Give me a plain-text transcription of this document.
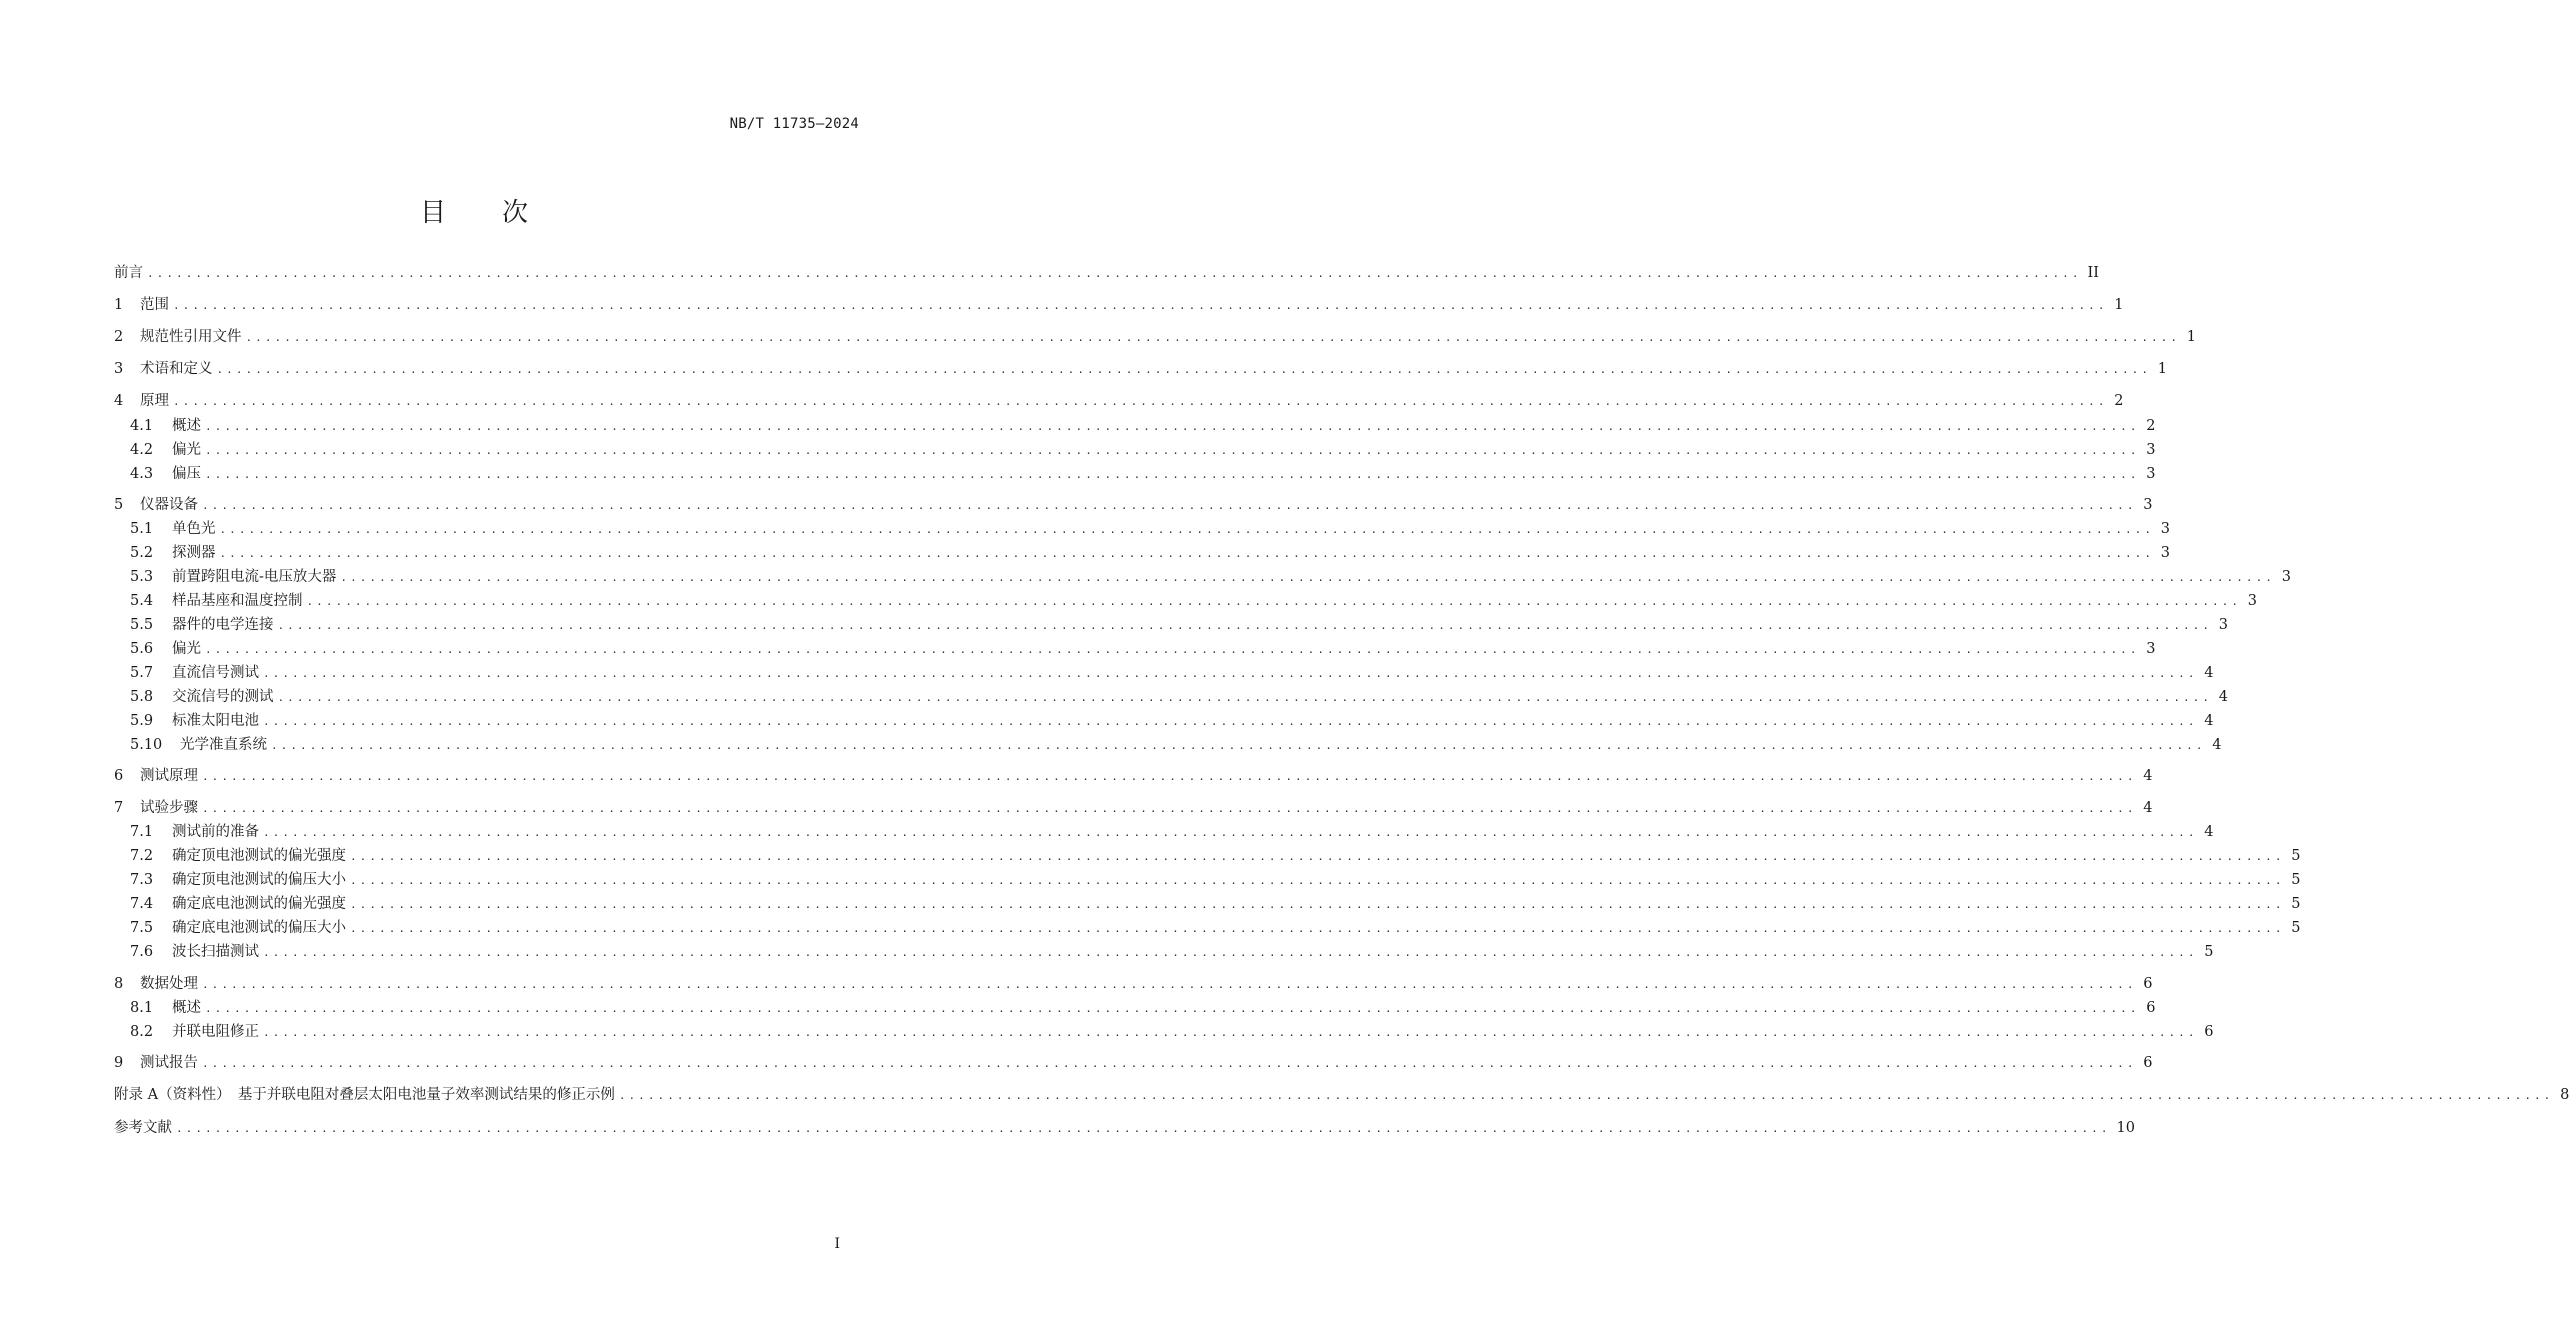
NB/T 11735—2024
目 次
前言 ........................................................................................................................................................................................................ II
1	范围 ........................................................................................................................................................................................................ 1
2	规范性引用文件 ........................................................................................................................................................................................................ 1
3	术语和定义 ........................................................................................................................................................................................................ 1
4	原理 ........................................................................................................................................................................................................ 2
4.1	概述 ........................................................................................................................................................................................................ 2
4.2	偏光 ........................................................................................................................................................................................................ 3
4.3	偏压 ........................................................................................................................................................................................................ 3
5	仪器设备 ........................................................................................................................................................................................................ 3
5.1	单色光 ........................................................................................................................................................................................................ 3
5.2	探测器 ........................................................................................................................................................................................................ 3
5.3	前置跨阻电流-电压放大器 ........................................................................................................................................................................................................ 3
5.4	样品基座和温度控制 ........................................................................................................................................................................................................ 3
5.5	器件的电学连接 ........................................................................................................................................................................................................ 3
5.6	偏光 ........................................................................................................................................................................................................ 3
5.7	直流信号测试 ........................................................................................................................................................................................................ 4
5.8	交流信号的测试 ........................................................................................................................................................................................................ 4
5.9	标准太阳电池 ........................................................................................................................................................................................................ 4
5.10	光学准直系统 ........................................................................................................................................................................................................ 4
6	测试原理 ........................................................................................................................................................................................................ 4
7	试验步骤 ........................................................................................................................................................................................................ 4
7.1	测试前的准备 ........................................................................................................................................................................................................ 4
7.2	确定顶电池测试的偏光强度 ........................................................................................................................................................................................................ 5
7.3	确定顶电池测试的偏压大小 ........................................................................................................................................................................................................ 5
7.4	确定底电池测试的偏光强度 ........................................................................................................................................................................................................ 5
7.5	确定底电池测试的偏压大小 ........................................................................................................................................................................................................ 5
7.6	波长扫描测试 ........................................................................................................................................................................................................ 5
8	数据处理 ........................................................................................................................................................................................................ 6
8.1	概述 ........................................................................................................................................................................................................ 6
8.2	并联电阻修正 ........................................................................................................................................................................................................ 6
9	测试报告 ........................................................................................................................................................................................................ 6
附录 A（资料性）　基于并联电阻对叠层太阳电池量子效率测试结果的修正示例 ........................................................................................................................................................................................................ 8
参考文献 ........................................................................................................................................................................................................ 10
I
